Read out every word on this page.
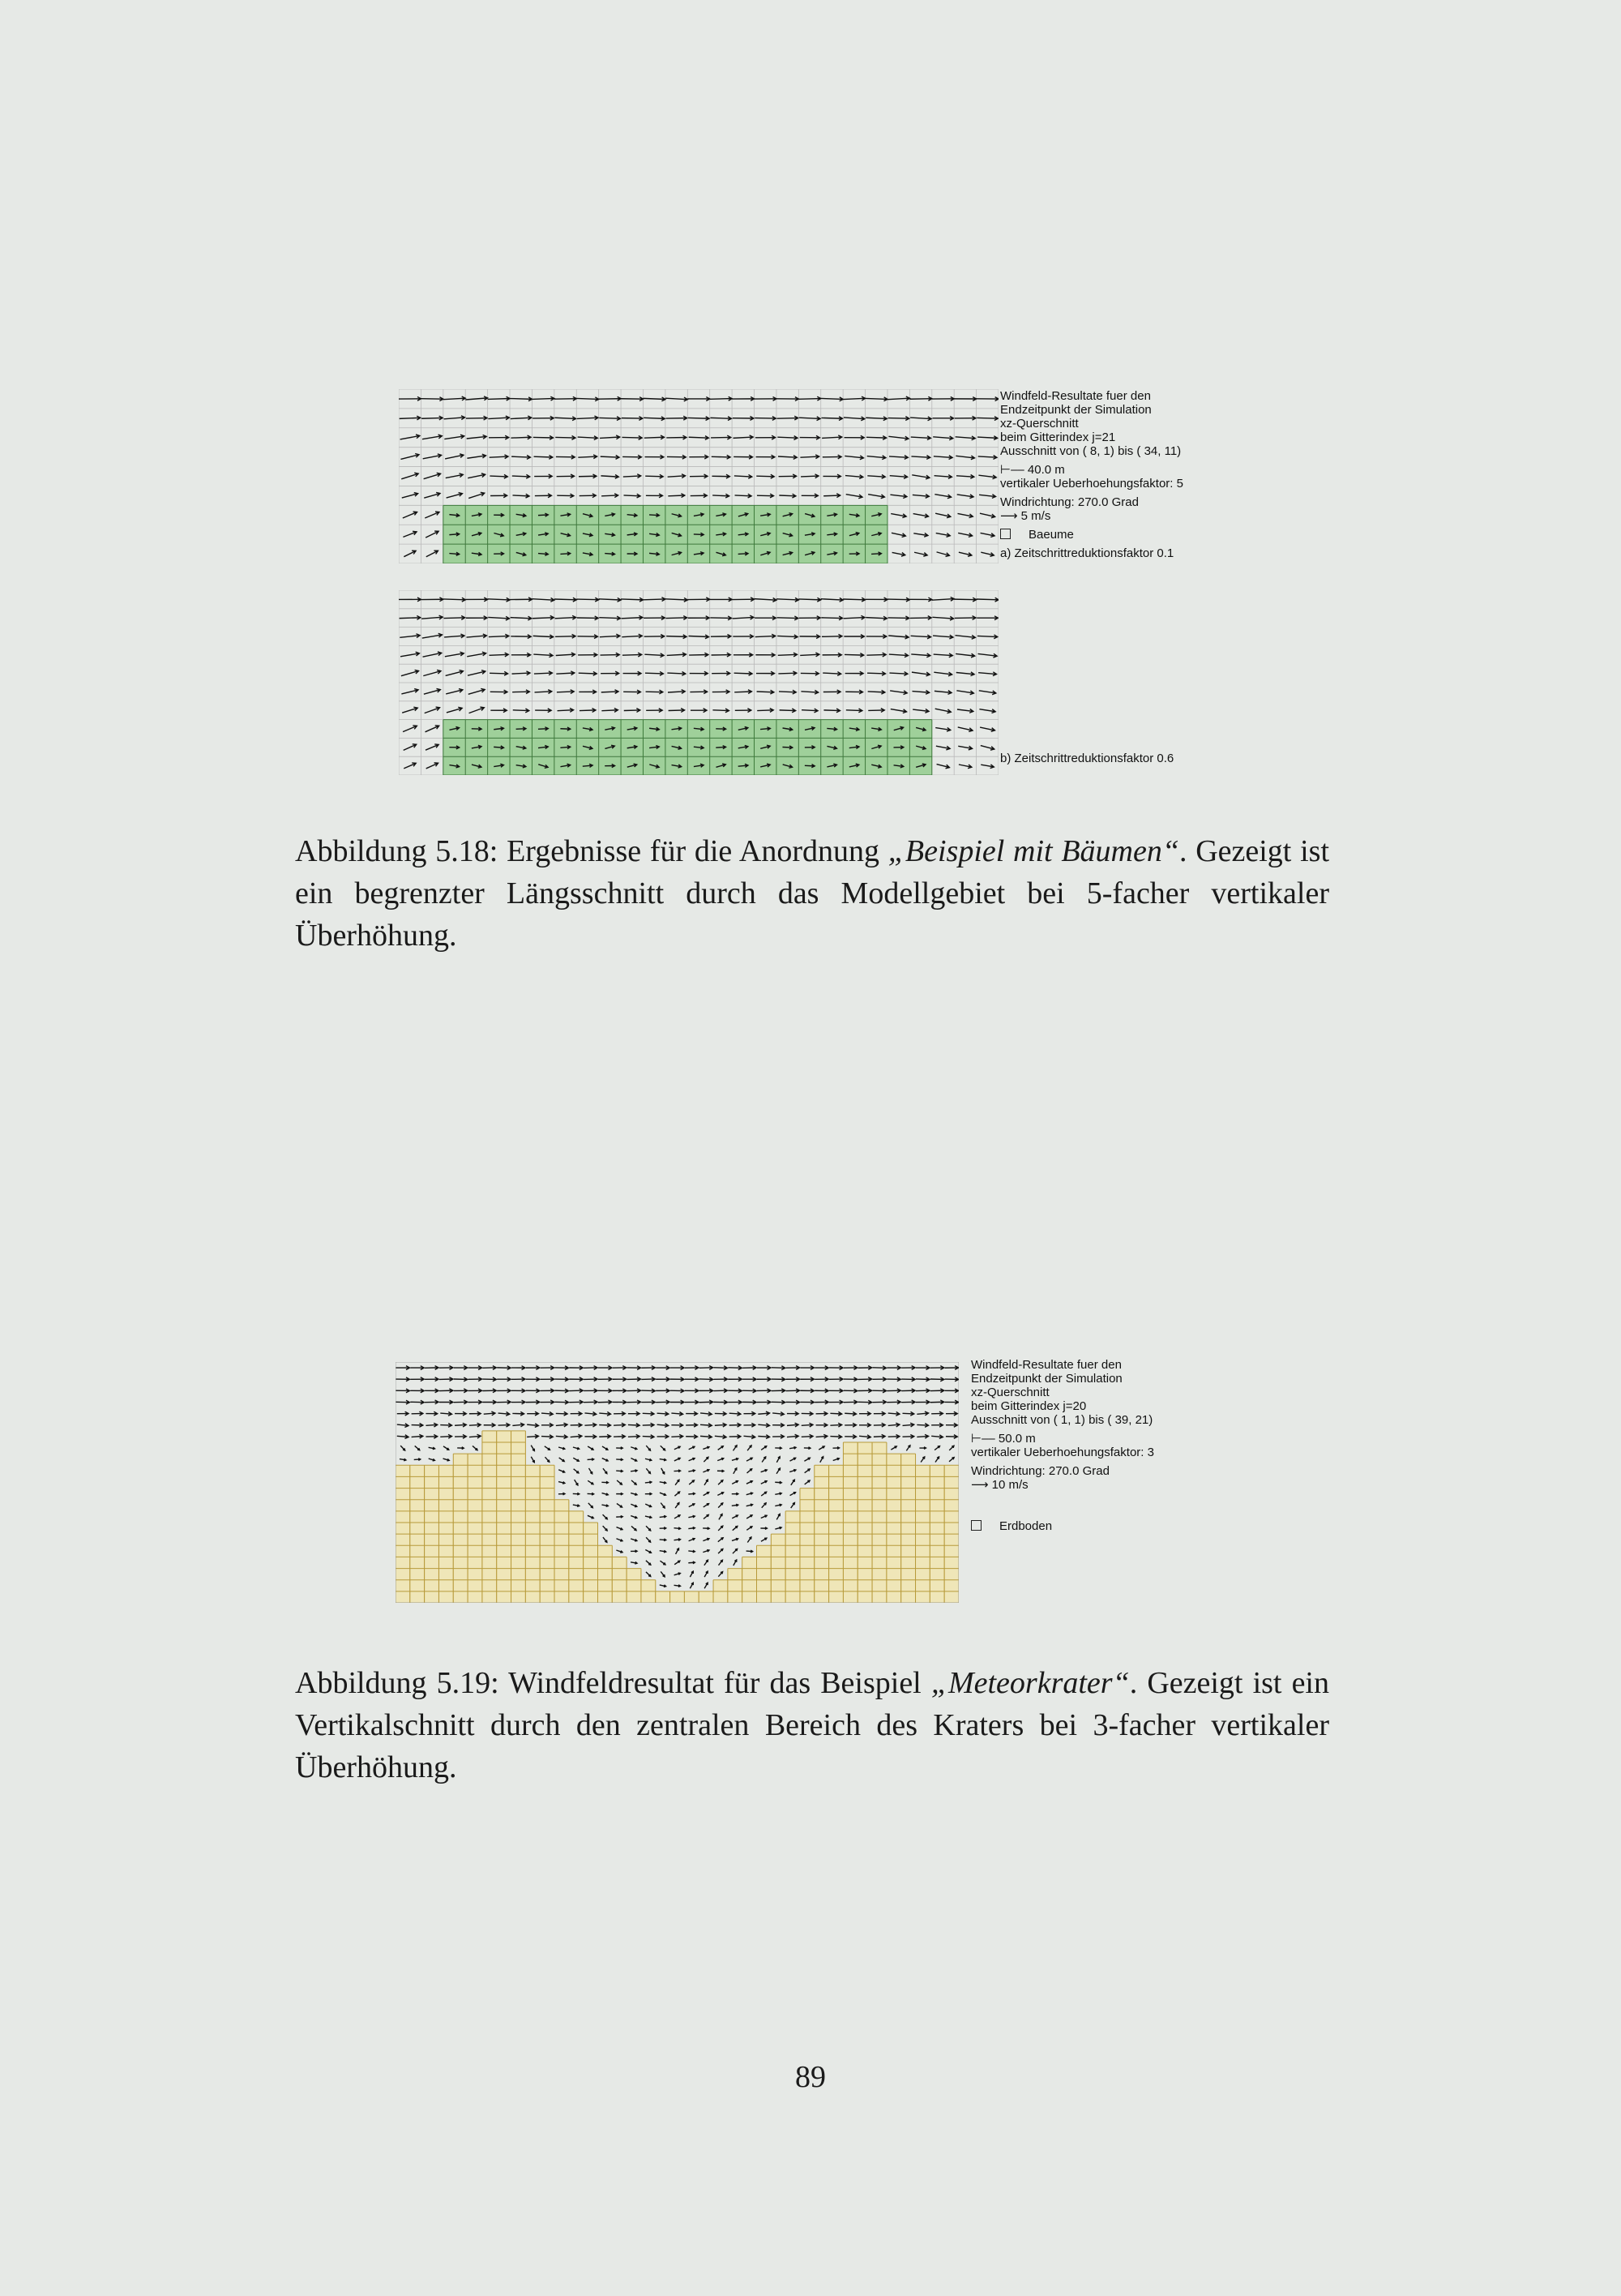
Windfeld-Resultate fuer den
Endzeitpunkt der Simulation
xz-Querschnitt
beim Gitterindex j=21
Ausschnitt von ( 8, 1) bis ( 34, 11)
⊢–– 40.0 m
vertikaler Ueberhoehungsfaktor: 5
Windrichtung: 270.0 Grad
⟶ 5 m/s
Baeume
a) Zeitschrittreduktionsfaktor 0.1
b) Zeitschrittreduktionsfaktor 0.6
Abbildung 5.18: Ergebnisse für die Anordnung „Beispiel mit Bäumen“. Gezeigt ist ein begrenzter Längsschnitt durch das Modellgebiet bei 5-facher vertikaler Überhöhung.
Windfeld-Resultate fuer den
Endzeitpunkt der Simulation
xz-Querschnitt
beim Gitterindex j=20
Ausschnitt von ( 1, 1) bis ( 39, 21)
⊢–– 50.0 m
vertikaler Ueberhoehungsfaktor: 3
Windrichtung: 270.0 Grad
⟶ 10 m/s
Erdboden
Abbildung 5.19: Windfeldresultat für das Beispiel „Meteorkrater“. Gezeigt ist ein Vertikalschnitt durch den zentralen Bereich des Kraters bei 3-facher vertikaler Überhöhung.
89
